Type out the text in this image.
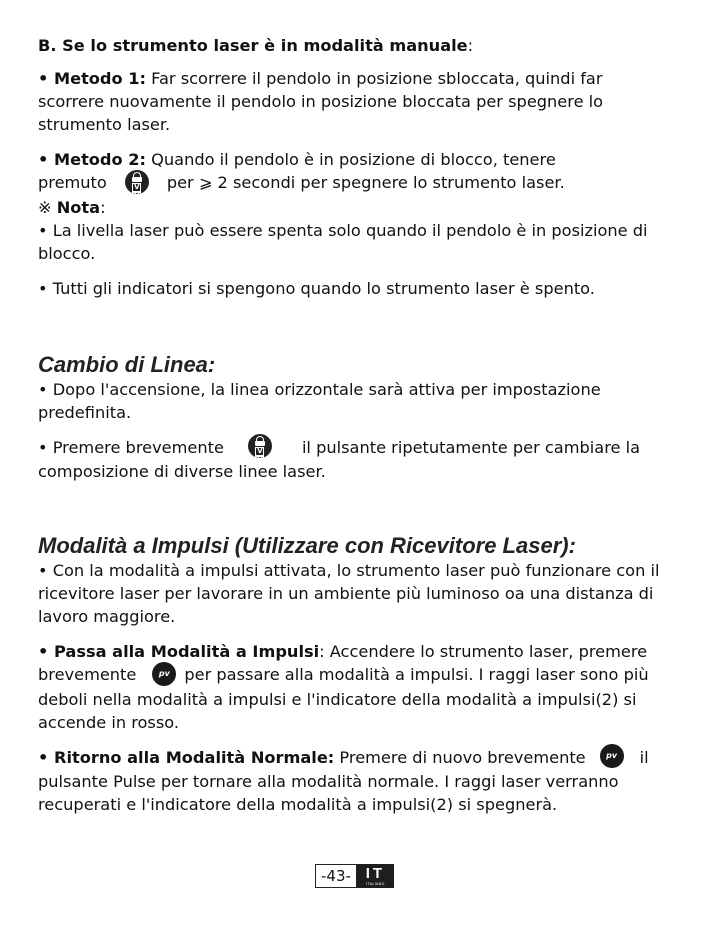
B. Se lo strumento laser è in modalità manuale:

• Metodo 1: Far scorrere il pendolo in posizione sbloccata, quindi far scorrere nuovamente il pendolo in posizione bloccata per spegnere lo strumento laser.

• Metodo 2: Quando il pendolo è in posizione di blocco, tenere
premuto	VH
per ⩾ 2 secondi per spegnere lo strumento laser.

※ Nota:

• La livella laser può essere spenta solo quando il pendolo è in posizione di blocco.

• Tutti gli indicatori si spengono quando lo strumento laser è spento.

Cambio di Linea:

• Dopo l'accensione, la linea orizzontale sarà attiva per impostazione predefinita.

• Premere brevemente	VH
il pulsante ripetutamente per cambiare la composizione di diverse linee laser.

Modalità a Impulsi (Utilizzare con Ricevitore Laser):

• Con la modalità a impulsi attivata, lo strumento laser può funzionare con il ricevitore laser per lavorare in un ambiente più luminoso oa una distanza di lavoro maggiore.

• Passa alla Modalità a Impulsi: Accendere lo strumento laser, premere
brevemente	pv per passare alla modalità a impulsi. I raggi laser sono più deboli nella modalità a impulsi e l'indicatore della modalità a impulsi(2) si accende in rosso.

• Ritorno alla Modalità Normale: Premere di nuovo brevemente	pv	il pulsante Pulse per tornare alla modalità normale. I raggi laser verranno recuperati e l'indicatore della modalità a impulsi(2) si spegnerà.

-43- IT
ITALIANO
